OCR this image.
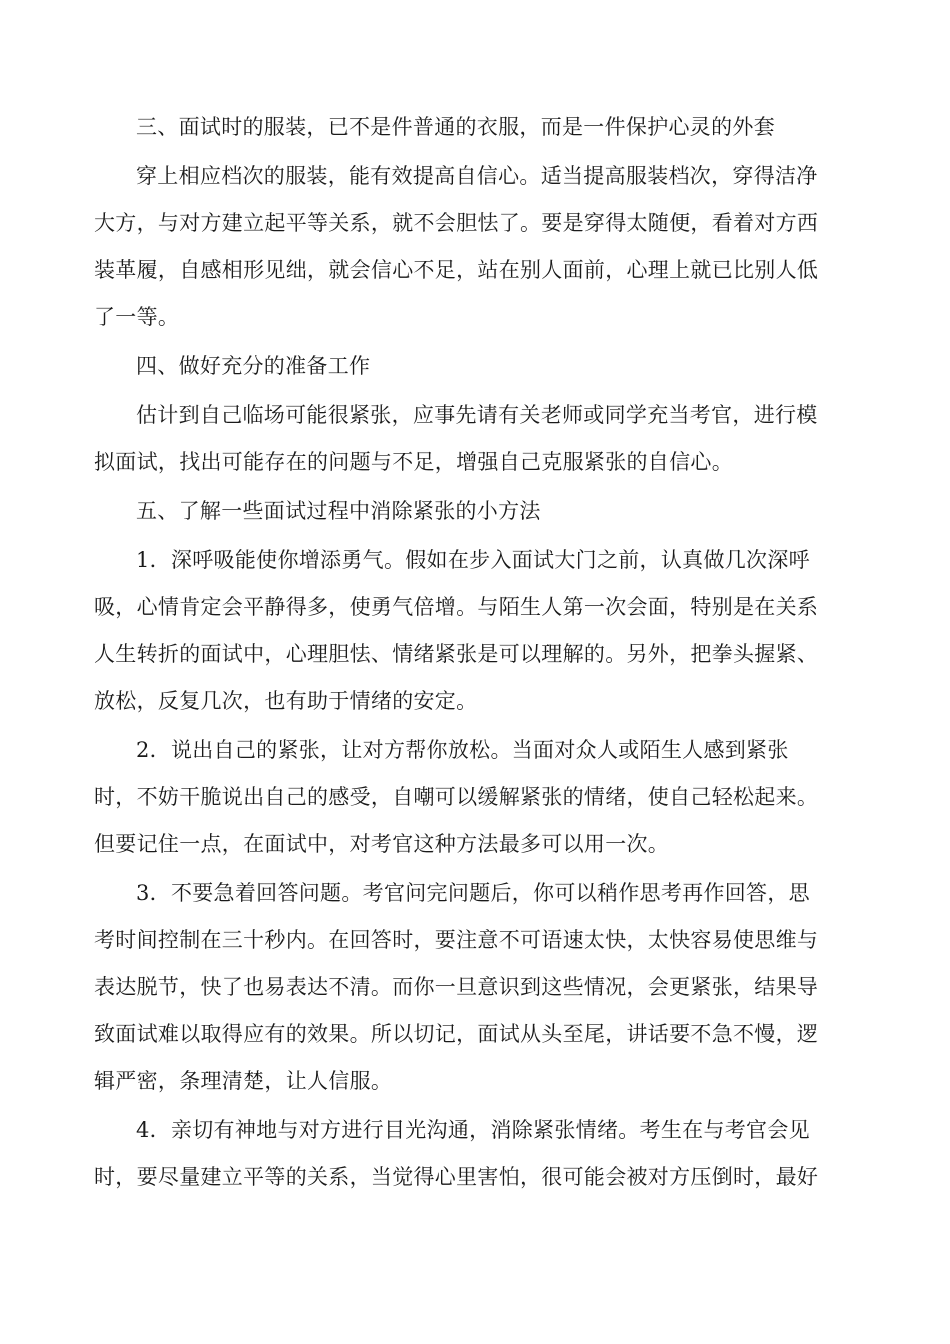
三、面试时的服装，已不是件普通的衣服，而是一件保护心灵的外套
穿上相应档次的服装，能有效提高自信心。适当提高服装档次，穿得洁净
大方，与对方建立起平等关系，就不会胆怯了。要是穿得太随便，看着对方西
装革履，自感相形见绌，就会信心不足，站在别人面前，心理上就已比别人低
了一等。
四、做好充分的准备工作
估计到自己临场可能很紧张，应事先请有关老师或同学充当考官，进行模
拟面试，找出可能存在的问题与不足，增强自己克服紧张的自信心。
五、了解一些面试过程中消除紧张的小方法
1．深呼吸能使你增添勇气。假如在步入面试大门之前，认真做几次深呼
吸，心情肯定会平静得多，使勇气倍增。与陌生人第一次会面，特别是在关系
人生转折的面试中，心理胆怯、情绪紧张是可以理解的。另外，把拳头握紧、
放松，反复几次，也有助于情绪的安定。
2．说出自己的紧张，让对方帮你放松。当面对众人或陌生人感到紧张
时，不妨干脆说出自己的感受，自嘲可以缓解紧张的情绪，使自己轻松起来。
但要记住一点，在面试中，对考官这种方法最多可以用一次。
3．不要急着回答问题。考官问完问题后，你可以稍作思考再作回答，思
考时间控制在三十秒内。在回答时，要注意不可语速太快，太快容易使思维与
表达脱节，快了也易表达不清。而你一旦意识到这些情况，会更紧张，结果导
致面试难以取得应有的效果。所以切记，面试从头至尾，讲话要不急不慢，逻
辑严密，条理清楚，让人信服。
4．亲切有神地与对方进行目光沟通，消除紧张情绪。考生在与考官会见
时，要尽量建立平等的关系，当觉得心里害怕，很可能会被对方压倒时，最好
